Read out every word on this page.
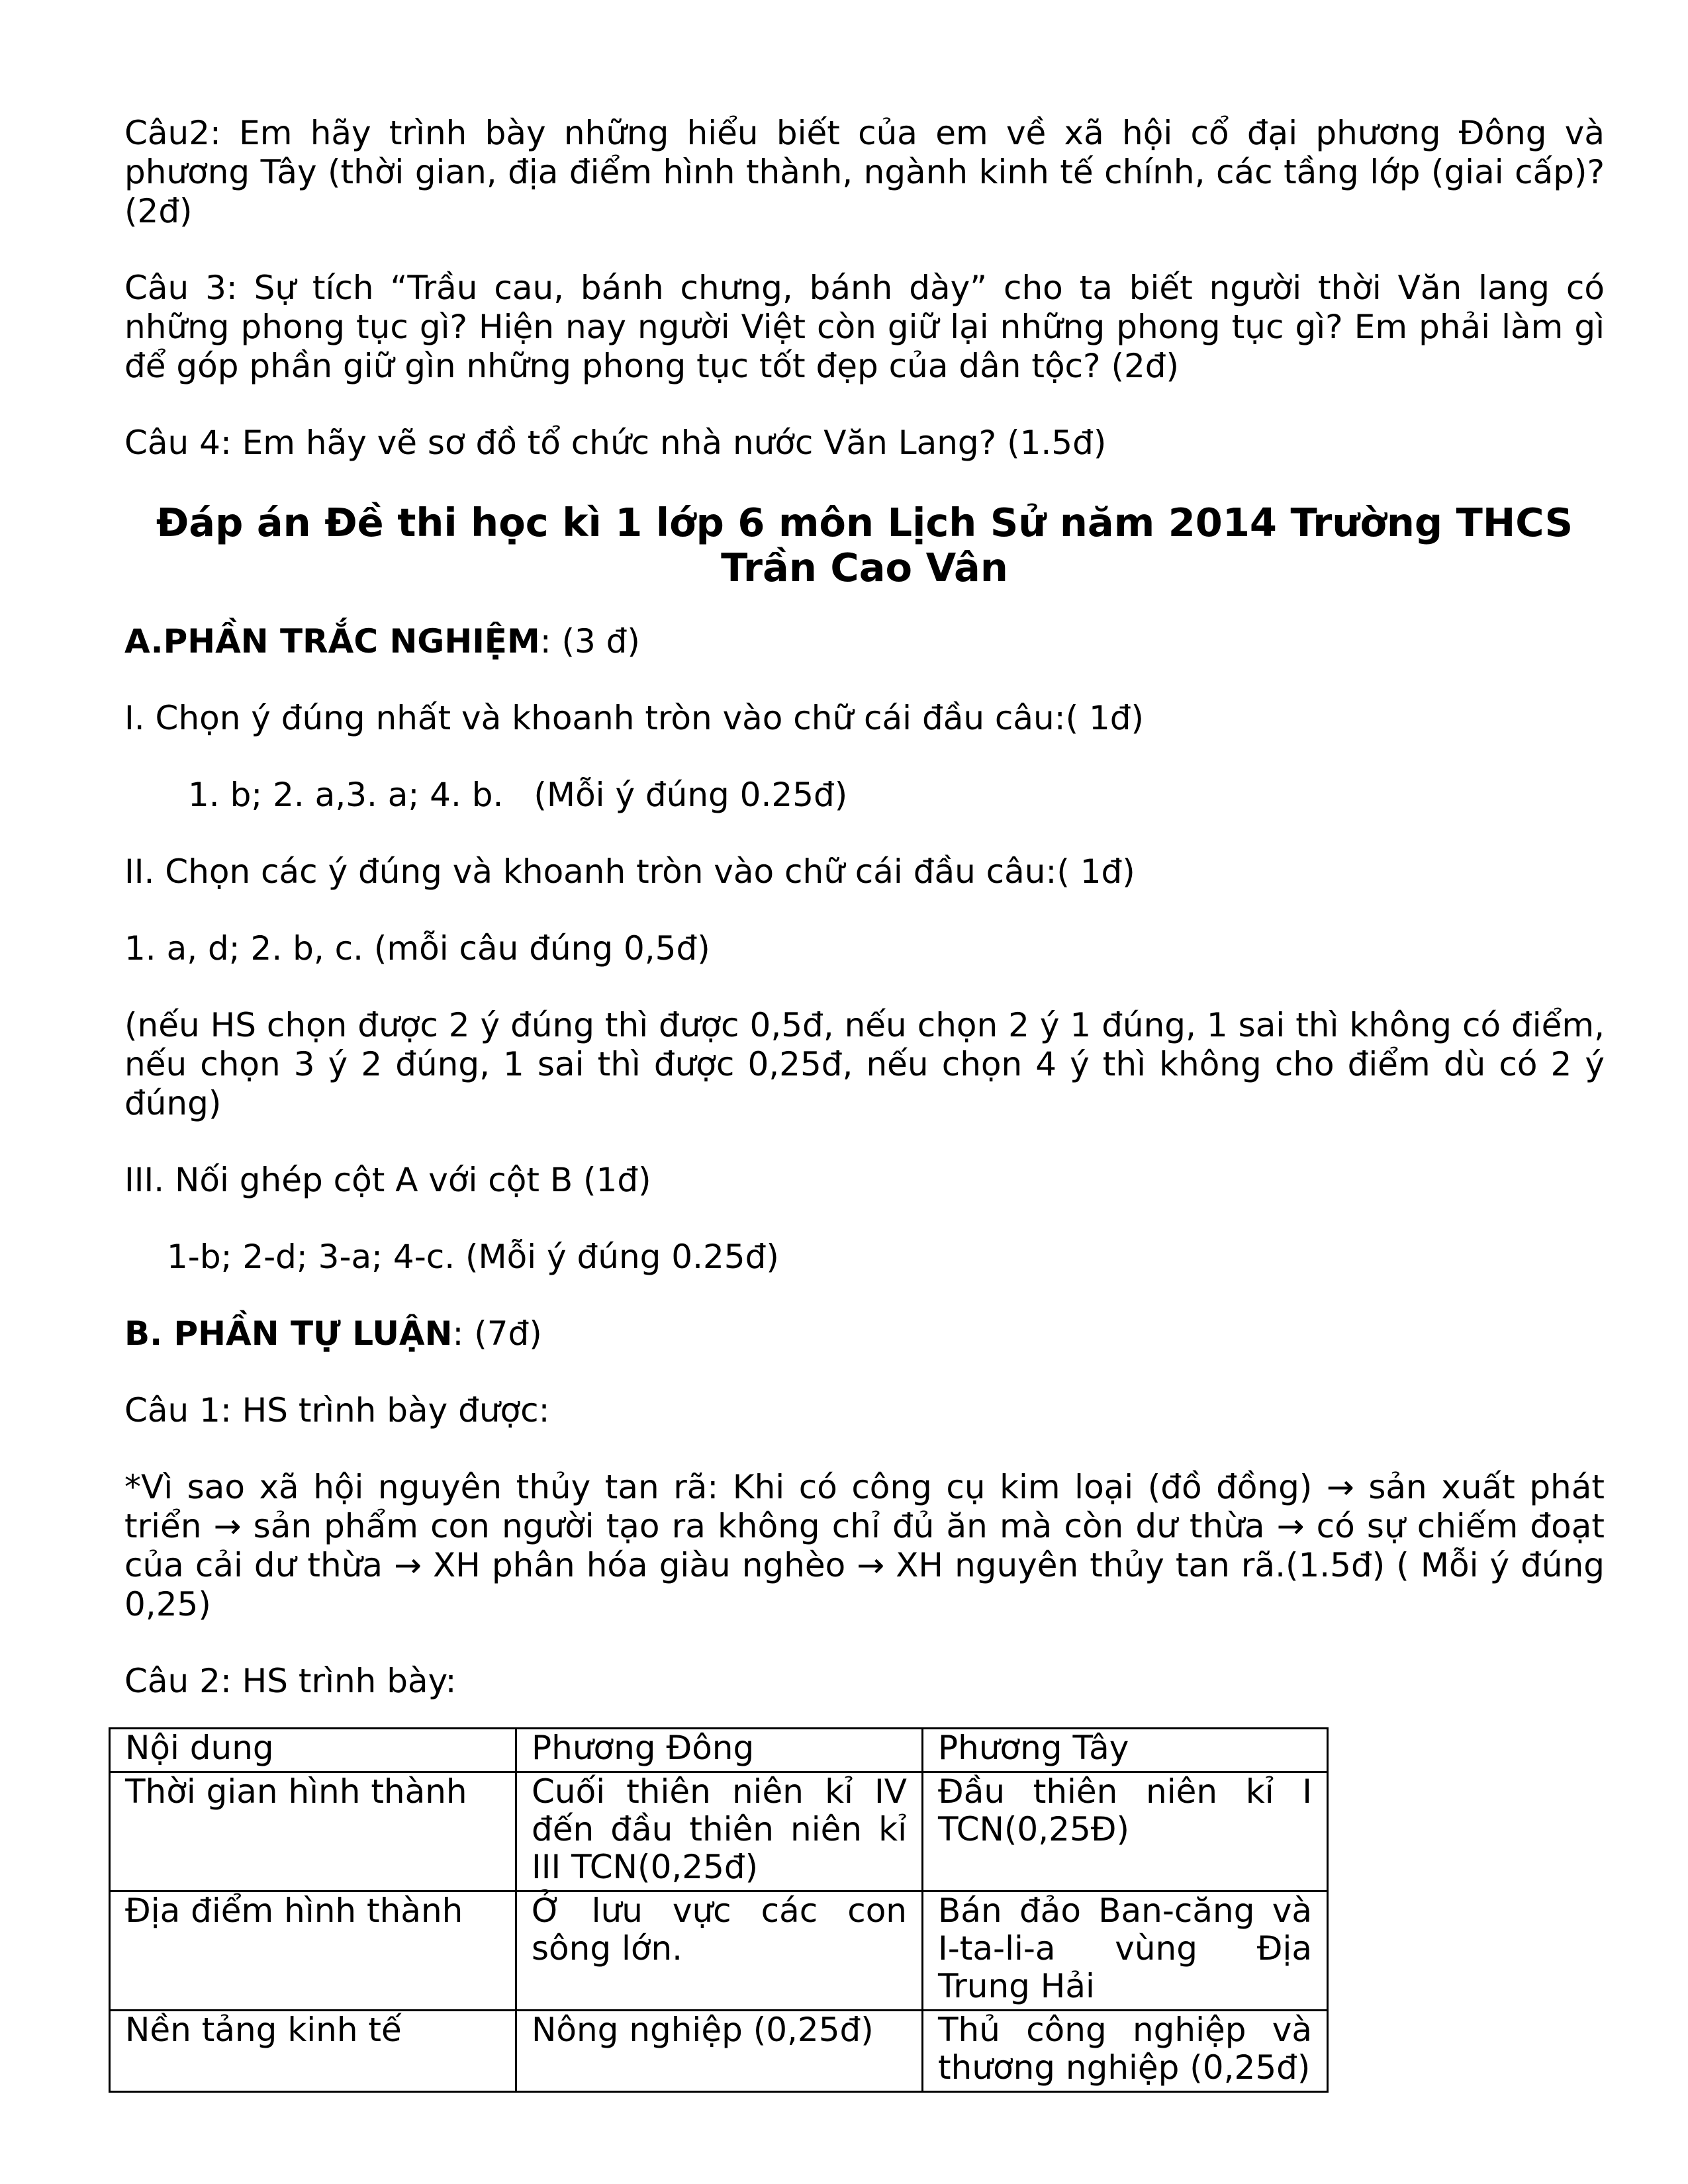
Câu2: Em hãy trình bày những hiểu biết của em về xã hội cổ đại phương Đông và phương Tây (thời gian, địa điểm hình thành, ngành kinh tế chính, các tầng lớp (giai cấp)? (2đ)

Câu 3: Sự tích “Trầu cau, bánh chưng, bánh dày” cho ta biết người thời Văn lang có những phong tục gì? Hiện nay người Việt còn giữ lại những phong tục gì? Em phải làm gì để góp phần giữ gìn những phong tục tốt đẹp của dân tộc? (2đ)

Câu 4: Em hãy vẽ sơ đồ tổ chức nhà nước Văn Lang? (1.5đ)

Đáp án Đề thi học kì 1 lớp 6 môn Lịch Sử năm 2014 Trường THCS Trần Cao Vân

A.PHẦN TRẮC NGHIỆM: (3 đ)

I. Chọn ý đúng nhất và khoanh tròn vào chữ cái đầu câu:( 1đ)

1. b; 2. a,3. a; 4. b. (Mỗi ý đúng 0.25đ)

II. Chọn các ý đúng và khoanh tròn vào chữ cái đầu câu:( 1đ)

1. a, d; 2. b, c. (mỗi câu đúng 0,5đ)

(nếu HS chọn được 2 ý đúng thì được 0,5đ, nếu chọn 2 ý 1 đúng, 1 sai thì không có điểm, nếu chọn 3 ý 2 đúng, 1 sai thì được 0,25đ, nếu chọn 4 ý thì không cho điểm dù có 2 ý đúng)

III. Nối ghép cột A với cột B (1đ)

1-b; 2-d; 3-a; 4-c. (Mỗi ý đúng 0.25đ)

B. PHẦN TỰ LUẬN: (7đ)

Câu 1: HS trình bày được:

*Vì sao xã hội nguyên thủy tan rã: Khi có công cụ kim loại (đồ đồng) → sản xuất phát triển → sản phẩm con người tạo ra không chỉ đủ ăn mà còn dư thừa → có sự chiếm đoạt của cải dư thừa → XH phân hóa giàu nghèo → XH nguyên thủy tan rã.(1.5đ) ( Mỗi ý đúng 0,25)

Câu 2: HS trình bày:

Nội dung	Phương Đông	Phương Tây
Thời gian hình thành	Cuối thiên niên kỉ IV đến đầu thiên niên kỉ III TCN(0,25đ)	Đầu thiên niên kỉ I TCN(0,25Đ)
Địa điểm hình thành	Ở lưu vực các con sông lớn.	Bán đảo Ban-căng và I-ta-li-a vùng Địa Trung Hải
Nền tảng kinh tế	Nông nghiệp (0,25đ)	Thủ công nghiệp và thương nghiệp (0,25đ)
